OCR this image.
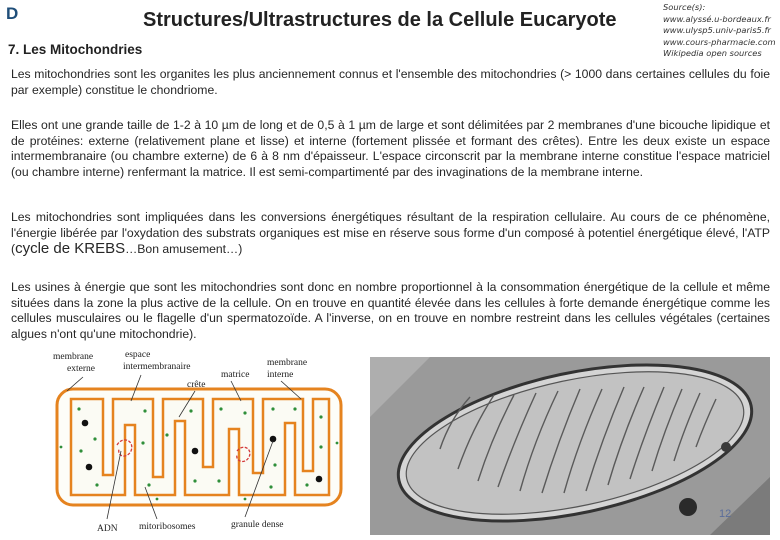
D	Structures/Ultrastructures de la Cellule Eucaryote
7. Les Mitochondries
Source(s):
www.alyssé.u-bordeaux.fr
www.ulysp5.univ-paris5.fr
www.cours-pharmacie.com
Wikipedia open sources
Les mitochondries sont les organites les plus anciennement connus et l'ensemble des mitochondries (> 1000 dans certaines cellules du foie par exemple) constitue le chondriome.
Elles ont une grande taille de 1-2 à 10 µm de long et de 0,5 à 1 µm de large et sont délimitées par 2 membranes d'une bicouche lipidique et de protéines: externe (relativement plane et lisse) et interne (fortement plissée et formant des crêtes). Entre les deux existe un espace intermembranaire (ou chambre externe) de 6 à 8 nm d'épaisseur. L'espace circonscrit par la membrane interne constitue l'espace matriciel (ou chambre interne) renfermant la matrice. Il est semi-compartimenté par des invaginations de la membrane interne.
Les mitochondries sont impliquées dans les conversions énergétiques résultant de la respiration cellulaire. Au cours de ce phénomène, l'énergie libérée par l'oxydation des substrats organiques est mise en réserve sous forme d'un composé à potentiel énergétique élevé, l'ATP (cycle de KREBS…Bon amusement…)
Les usines à énergie que sont les mitochondries sont donc en nombre proportionnel à la consommation énergétique de la cellule et même situées dans la zone la plus active de la cellule. On en trouve en quantité élevée dans les cellules à forte demande énergétique comme les cellules musculaires ou le flagelle d'un spermatozoïde. A l'inverse, on en trouve en nombre restreint dans les cellules végétales (certaines algues n'ont qu'une mitochondrie).
membrane
externe
espace
intermembranaire
crête
matrice
membrane
interne
ADN mitoribosomes	granule dense
12
